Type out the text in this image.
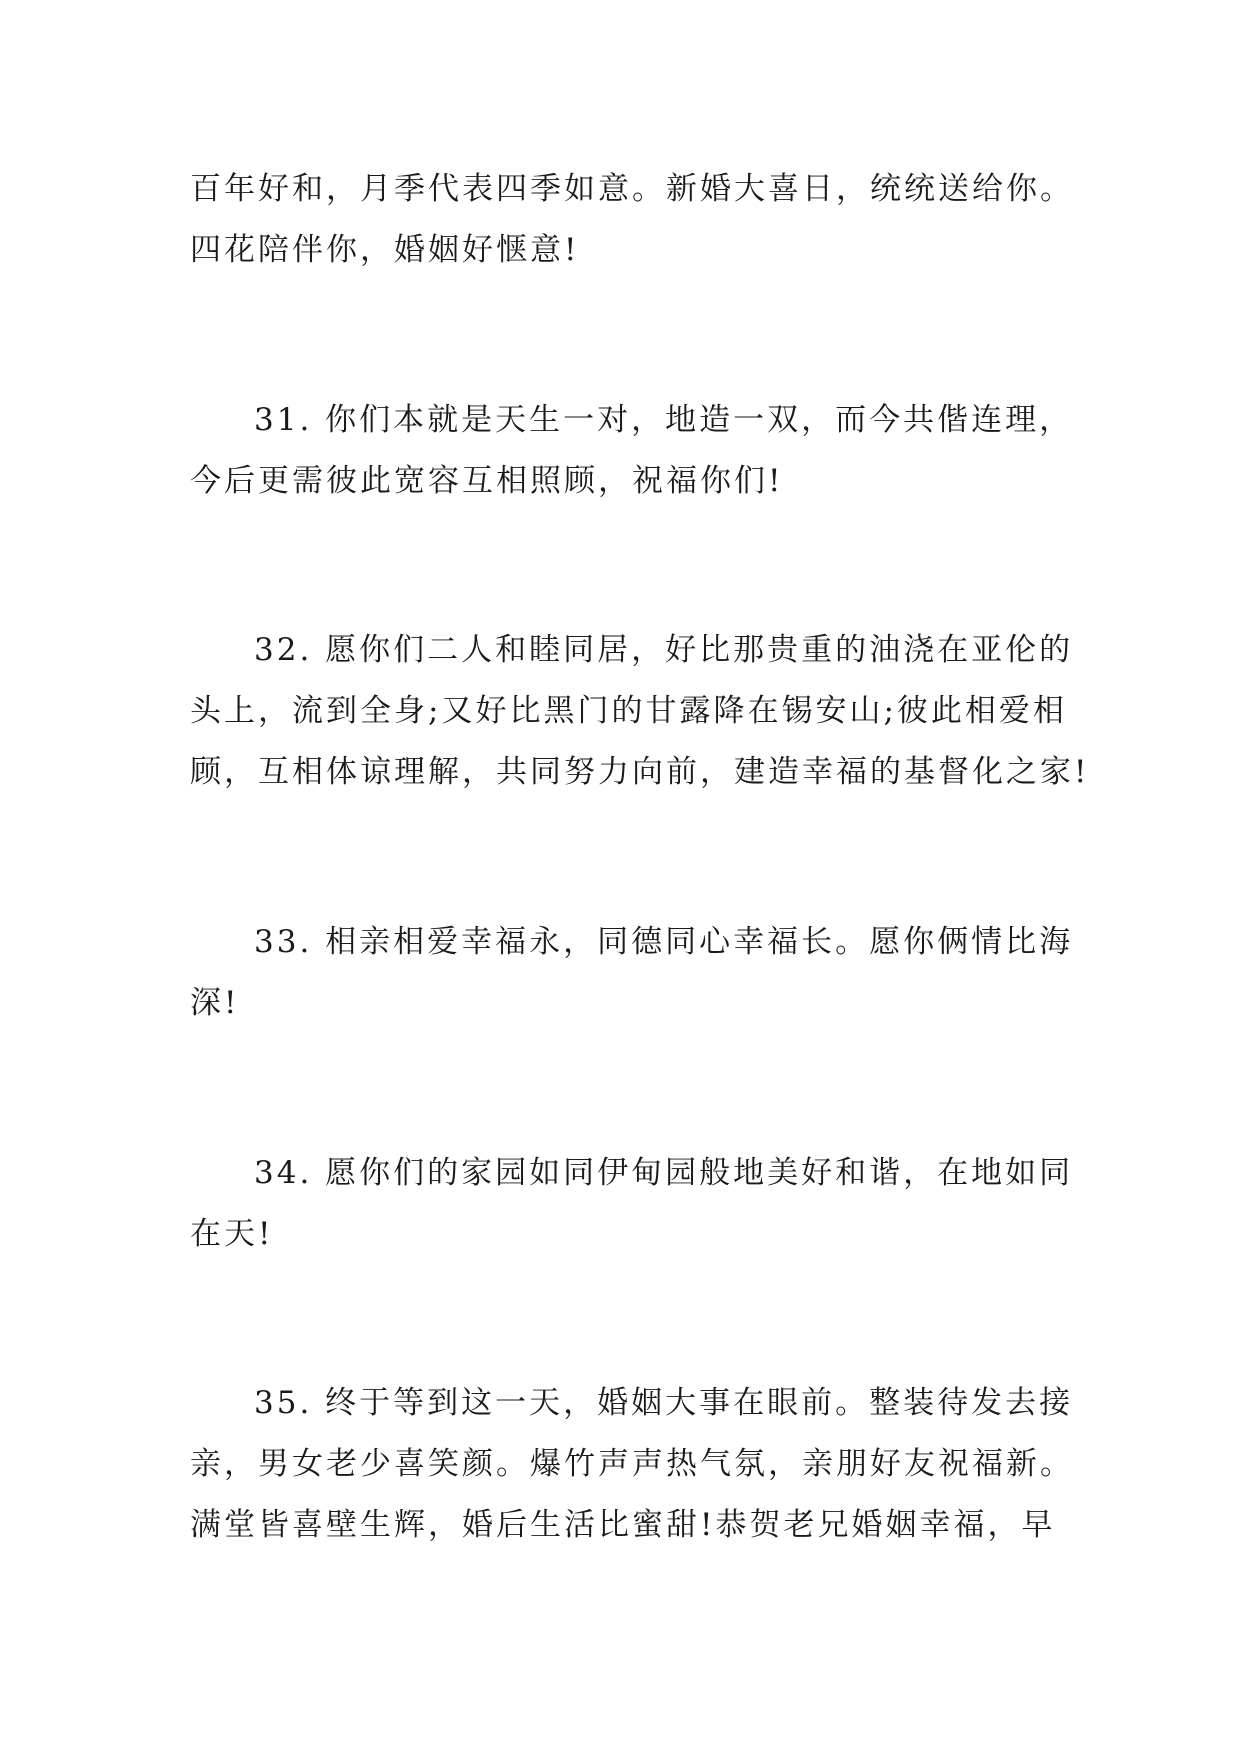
百年好和，月季代表四季如意。新婚大喜日，统统送给你。
四花陪伴你，婚姻好惬意!
31. 你们本就是天生一对，地造一双，而今共偕连理，
今后更需彼此宽容互相照顾，祝福你们!
32. 愿你们二人和睦同居，好比那贵重的油浇在亚伦的
头上，流到全身;又好比黑门的甘露降在锡安山;彼此相爱相
顾，互相体谅理解，共同努力向前，建造幸福的基督化之家!
33. 相亲相爱幸福永，同德同心幸福长。愿你俩情比海
深!
34. 愿你们的家园如同伊甸园般地美好和谐，在地如同
在天!
35. 终于等到这一天，婚姻大事在眼前。整装待发去接
亲，男女老少喜笑颜。爆竹声声热气氛，亲朋好友祝福新。
满堂皆喜壁生辉，婚后生活比蜜甜!恭贺老兄婚姻幸福，早
